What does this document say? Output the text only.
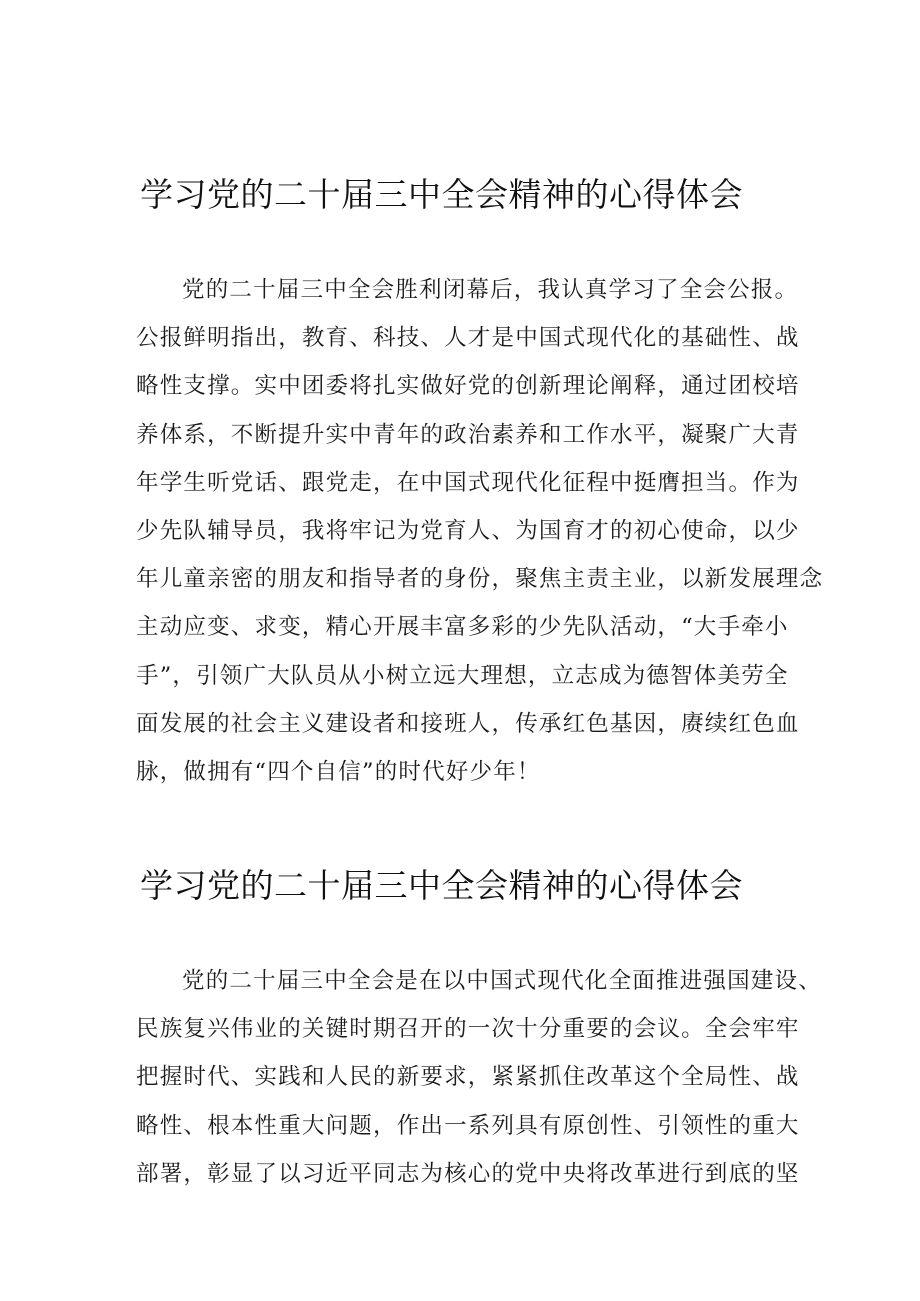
学习党的二十届三中全会精神的心得体会
党的二十届三中全会胜利闭幕后，我认真学习了全会公报。
公报鲜明指出，教育、科技、人才是中国式现代化的基础性、战
略性支撑。实中团委将扎实做好党的创新理论阐释，通过团校培
养体系，不断提升实中青年的政治素养和工作水平，凝聚广大青
年学生听党话、跟党走，在中国式现代化征程中挺膺担当。作为
少先队辅导员，我将牢记为党育人、为国育才的初心使命，以少
年儿童亲密的朋友和指导者的身份，聚焦主责主业，以新发展理念
主动应变、求变，精心开展丰富多彩的少先队活动，“大手牵小
手”，引领广大队员从小树立远大理想，立志成为德智体美劳全
面发展的社会主义建设者和接班人，传承红色基因，赓续红色血
脉，做拥有“四个自信”的时代好少年！
学习党的二十届三中全会精神的心得体会
党的二十届三中全会是在以中国式现代化全面推进强国建设、
民族复兴伟业的关键时期召开的一次十分重要的会议。全会牢牢
把握时代、实践和人民的新要求，紧紧抓住改革这个全局性、战
略性、根本性重大问题，作出一系列具有原创性、引领性的重大
部署，彰显了以习近平同志为核心的党中央将改革进行到底的坚
